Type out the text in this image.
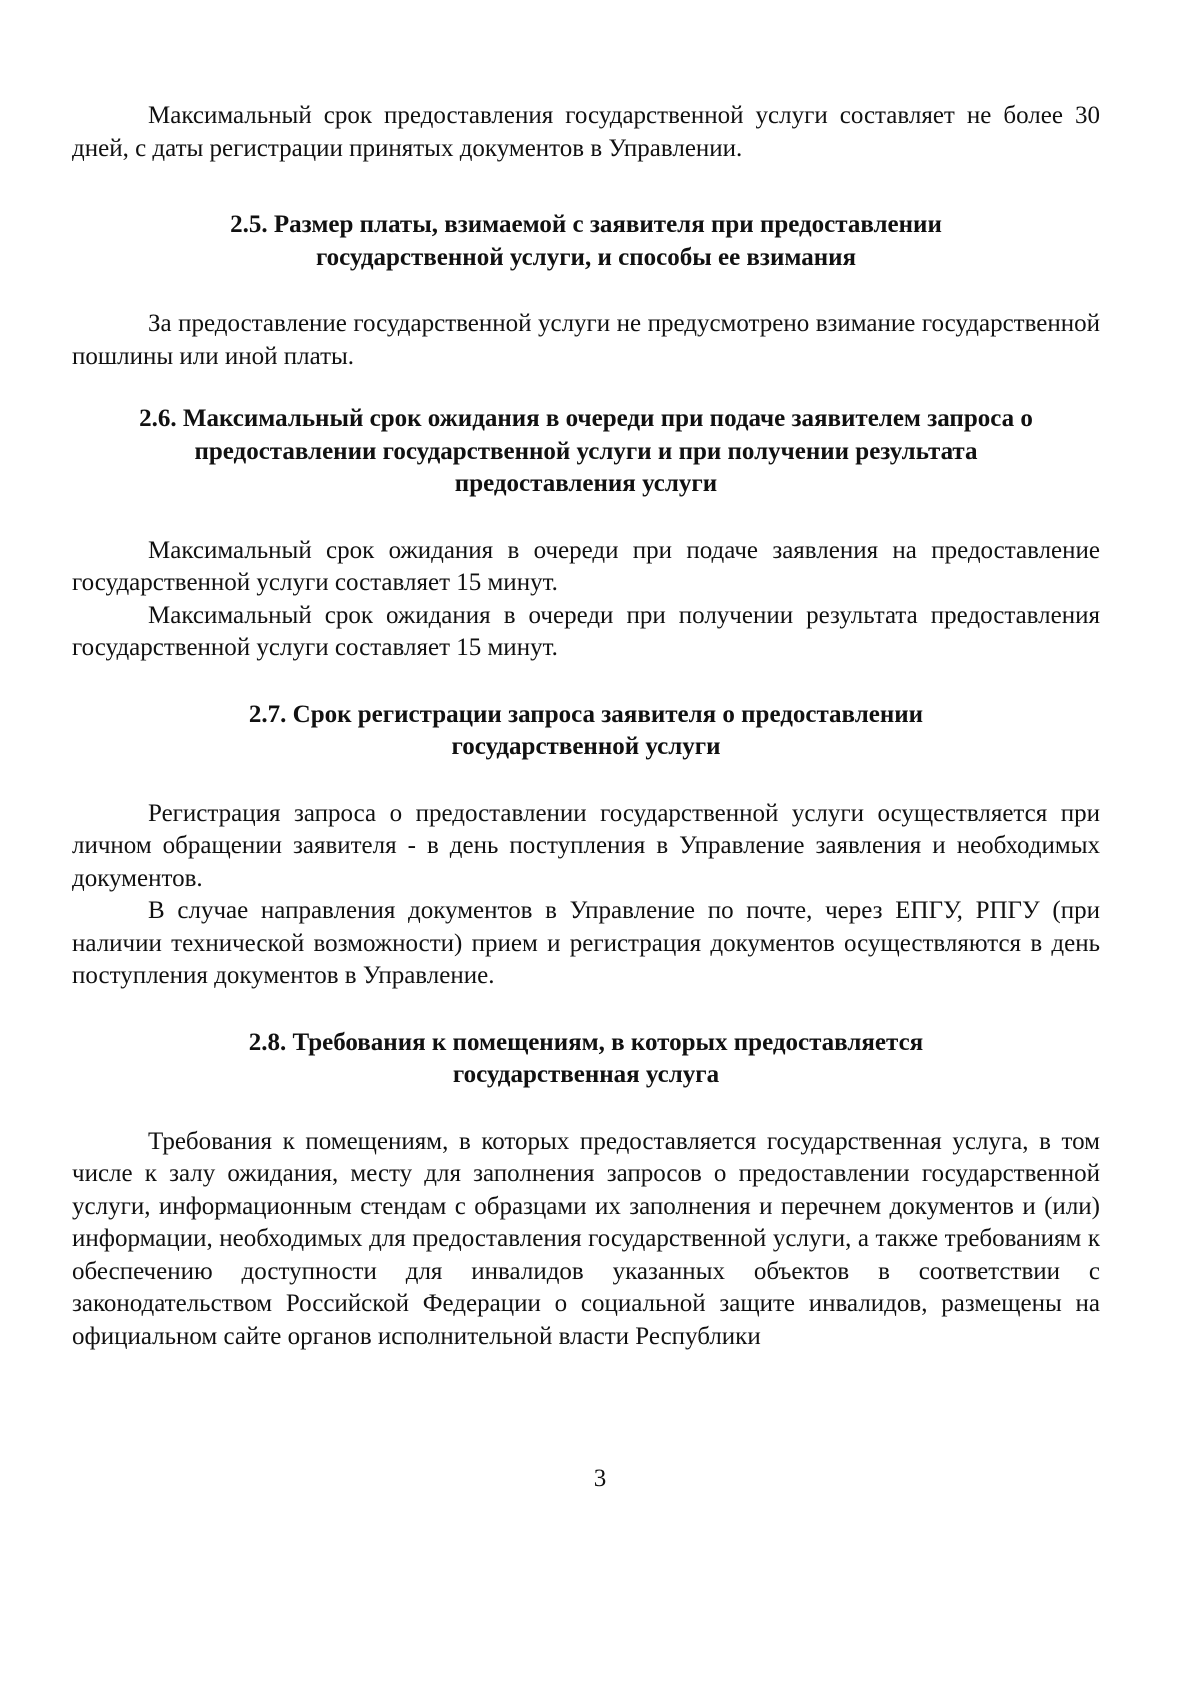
Максимальный срок предоставления государственной услуги составляет не более 30 дней, с даты регистрации принятых документов в Управлении.

2.5. Размер платы, взимаемой с заявителя при предоставлении
государственной услуги, и способы ее взимания

За предоставление государственной услуги не предусмотрено взимание государственной пошлины или иной платы.

2.6. Максимальный срок ожидания в очереди при подаче заявителем запроса о
предоставлении государственной услуги и при получении результата
предоставления услуги

Максимальный срок ожидания в очереди при подаче заявления на предоставление государственной услуги составляет 15 минут.

Максимальный срок ожидания в очереди при получении результата предоставления государственной услуги составляет 15 минут.

2.7. Срок регистрации запроса заявителя о предоставлении
государственной услуги

Регистрация запроса о предоставлении государственной услуги осуществляется при личном обращении заявителя - в день поступления в Управление заявления и необходимых документов.

В случае направления документов в Управление по почте, через ЕПГУ, РПГУ (при наличии технической возможности) прием и регистрация документов осуществляются в день поступления документов в Управление.

2.8. Требования к помещениям, в которых предоставляется
государственная услуга

Требования к помещениям, в которых предоставляется государственная услуга, в том числе к залу ожидания, месту для заполнения запросов о предоставлении государственной услуги, информационным стендам с образцами их заполнения и перечнем документов и (или) информации, необходимых для предоставления государственной услуги, а также требованиям к обеспечению доступности для инвалидов указанных объектов в соответствии с законодательством Российской Федерации о социальной защите инвалидов, размещены на официальном сайте органов исполнительной власти Республики

3
